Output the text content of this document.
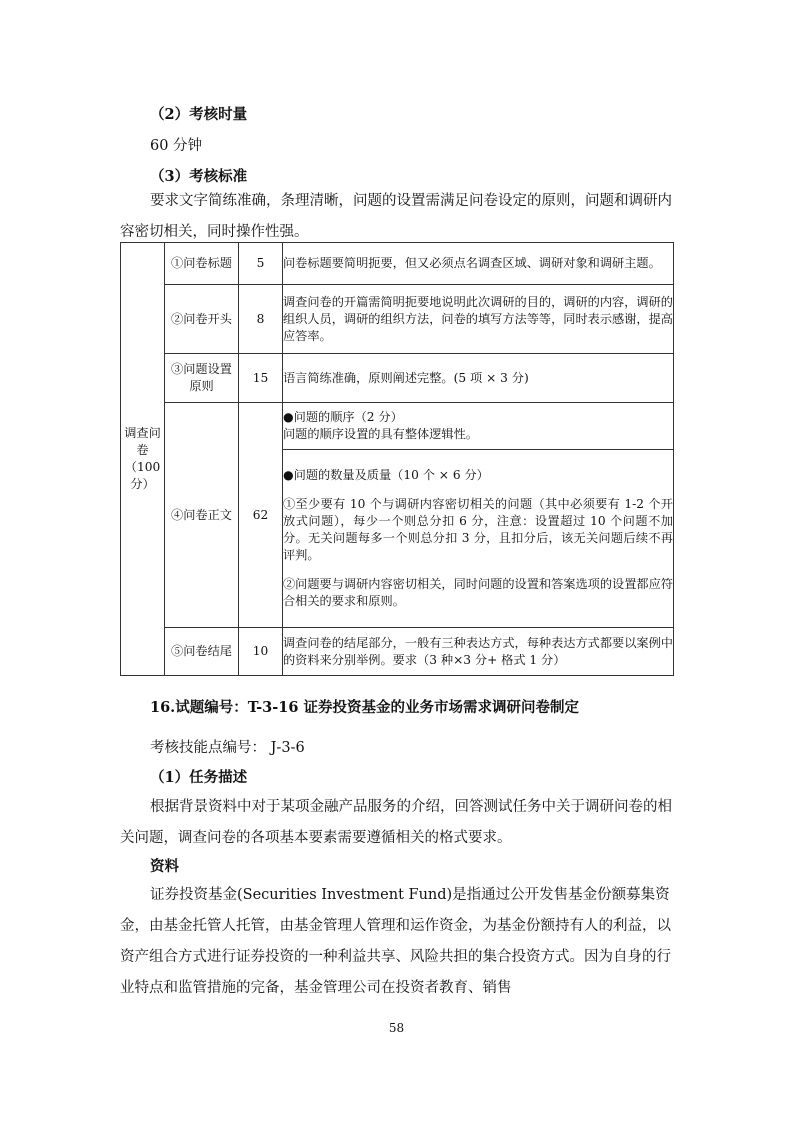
（2）考核时量
60 分钟
（3）考核标准
要求文字简练准确，条理清晰，问题的设置需满足问卷设定的原则，问题和调研内容密切相关，同时操作性强。
调查问卷（100分）	①问卷标题	5	问卷标题要简明扼要，但又必须点名调查区域、调研对象和调研主题。
	②问卷开头	8	调查问卷的开篇需简明扼要地说明此次调研的目的，调研的内容，调研的组织人员，调研的组织方法，问卷的填写方法等等，同时表示感谢，提高应答率。
	③问题设置原则	15	语言简练准确，原则阐述完整。(5 项 × 3 分)
	④问卷正文	62	●问题的顺序（2 分）

问题的顺序设置的具有整体逻辑性。

			●问题的数量及质量（10 个 × 6 分）

①至少要有 10 个与调研内容密切相关的问题（其中必须要有 1-2 个开放式问题），每少一个则总分扣 6 分，注意：设置超过 10 个问题不加分。无关问题每多一个则总分扣 3 分，且扣分后，该无关问题后续不再评判。

②问题要与调研内容密切相关，同时问题的设置和答案选项的设置都应符合相关的要求和原则。

	⑤问卷结尾	10	调查问卷的结尾部分，一般有三种表达方式，每种表达方式都要以案例中的资料来分别举例。要求（3 种×3 分+ 格式 1 分）
16.试题编号：T-3-16 证券投资基金的业务市场需求调研问卷制定
考核技能点编号： J-3-6
（1）任务描述
根据背景资料中对于某项金融产品服务的介绍，回答测试任务中关于调研问卷的相关问题，调查问卷的各项基本要素需要遵循相关的格式要求。
资料
证券投资基金(Securities Investment Fund)是指通过公开发售基金份额募集资金，由基金托管人托管，由基金管理人管理和运作资金，为基金份额持有人的利益，以资产组合方式进行证券投资的一种利益共享、风险共担的集合投资方式。因为自身的行业特点和监管措施的完备，基金管理公司在投资者教育、销售
58
